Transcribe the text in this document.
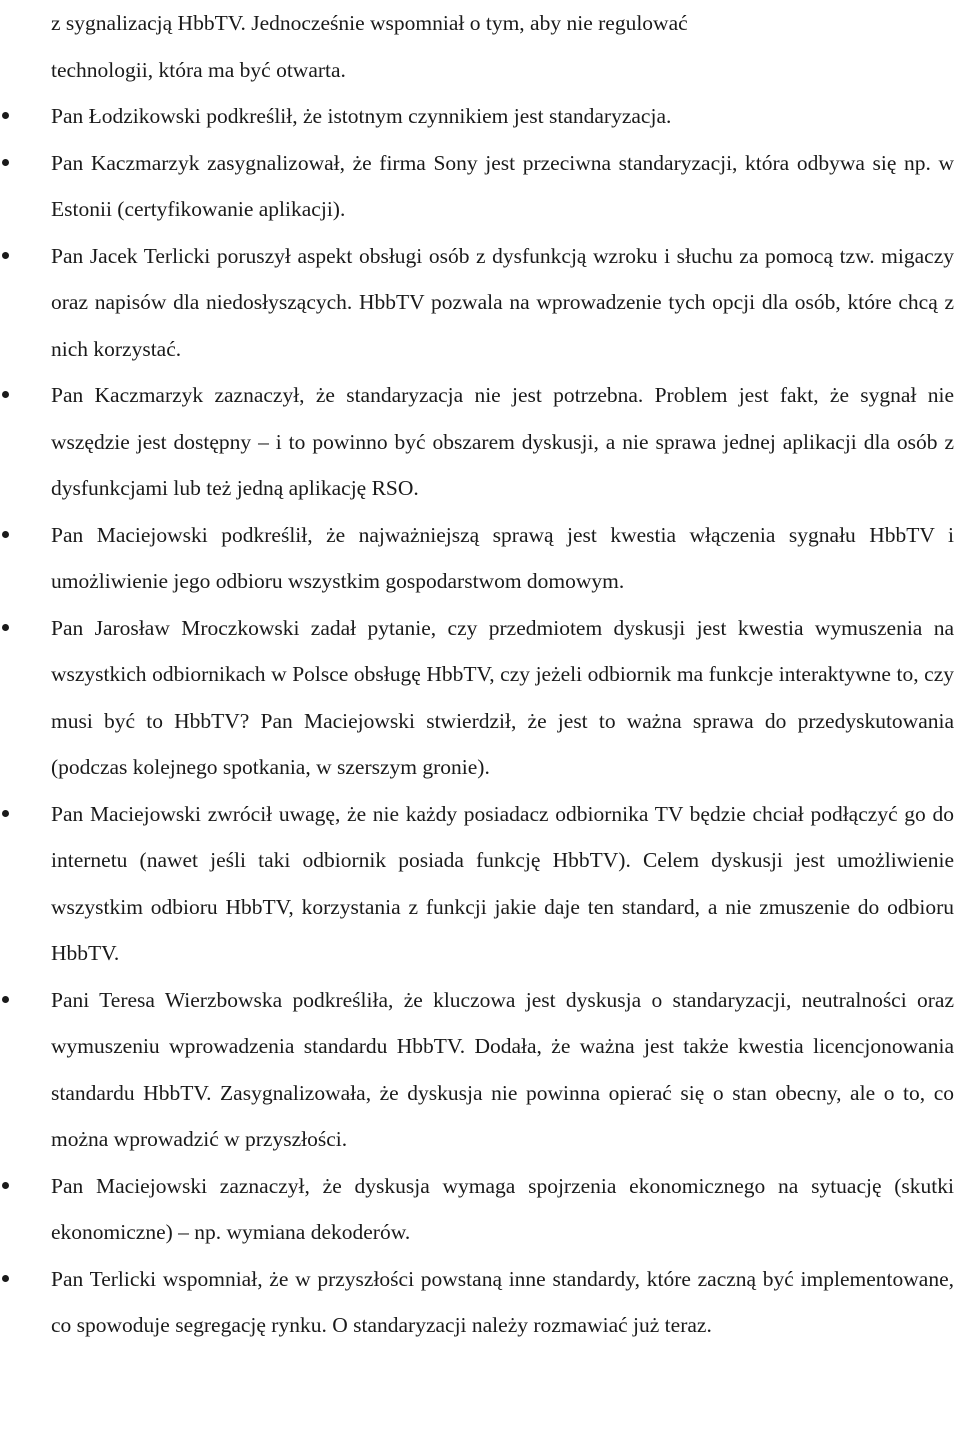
z sygnalizacją HbbTV. Jednocześnie wspomniał o tym, aby nie regulować
technologii, która ma być otwarta.

Pan Łodzikowski podkreślił, że istotnym czynnikiem jest standaryzacja.
Pan Kaczmarzyk zasygnalizował, że firma Sony jest przeciwna standaryzacji, która odbywa się np. w Estonii (certyfikowanie aplikacji).
Pan Jacek Terlicki poruszył aspekt obsługi osób z dysfunkcją wzroku i słuchu za pomocą tzw. migaczy oraz napisów dla niedosłyszących. HbbTV pozwala na wprowadzenie tych opcji dla osób, które chcą z nich korzystać.
Pan Kaczmarzyk zaznaczył, że standaryzacja nie jest potrzebna. Problem jest fakt, że sygnał nie wszędzie jest dostępny – i to powinno być obszarem dyskusji, a nie sprawa jednej aplikacji dla osób z dysfunkcjami lub też jedną aplikację RSO.
Pan Maciejowski podkreślił, że najważniejszą sprawą jest kwestia włączenia sygnału HbbTV i umożliwienie jego odbioru wszystkim gospodarstwom domowym.
Pan Jarosław Mroczkowski zadał pytanie, czy przedmiotem dyskusji jest kwestia wymuszenia na wszystkich odbiornikach w Polsce obsługę HbbTV, czy jeżeli odbiornik ma funkcje interaktywne to, czy musi być to HbbTV? Pan Maciejowski stwierdził, że jest to ważna sprawa do przedyskutowania (podczas kolejnego spotkania, w szerszym gronie).
Pan Maciejowski zwrócił uwagę, że nie każdy posiadacz odbiornika TV będzie chciał podłączyć go do internetu (nawet jeśli taki odbiornik posiada funkcję HbbTV). Celem dyskusji jest umożliwienie wszystkim odbioru HbbTV, korzystania z funkcji jakie daje ten standard, a nie zmuszenie do odbioru HbbTV.
Pani Teresa Wierzbowska podkreśliła, że kluczowa jest dyskusja o standaryzacji, neutralności oraz wymuszeniu wprowadzenia standardu HbbTV. Dodała, że ważna jest także kwestia licencjonowania standardu HbbTV. Zasygnalizowała, że dyskusja nie powinna opierać się o stan obecny, ale o to, co można wprowadzić w przyszłości.
Pan Maciejowski zaznaczył, że dyskusja wymaga spojrzenia ekonomicznego na sytuację (skutki ekonomiczne) – np. wymiana dekoderów.
Pan Terlicki wspomniał, że w przyszłości powstaną inne standardy, które zaczną być implementowane, co spowoduje segregację rynku. O standaryzacji należy rozmawiać już teraz.
